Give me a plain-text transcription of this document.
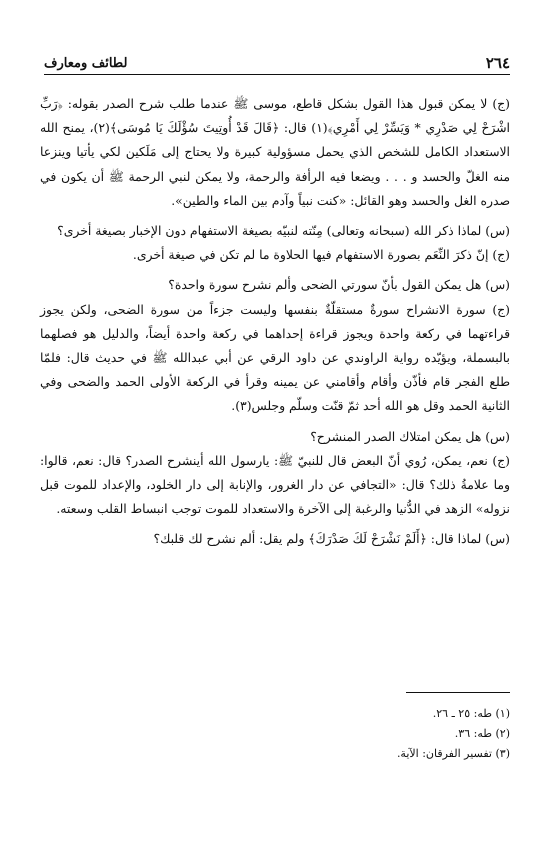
٢٦٤
لطائف ومعارف

(ج) لا يمكن قبول هذا القول بشكل قاطع، موسى ﷺ عندما طلب شرح الصدر بقوله: ﴿رَبِّ اشْرَحْ لِي صَدْرِي * وَيَسِّرْ لِي أَمْرِي﴾(١) قال: ﴿قَالَ قَدْ أُوتِيتَ سُؤْلَكَ يَا مُوسَى﴾(٢)، يمنح الله الاستعداد الكامل للشخص الذي يحمل مسؤولية كبيرة ولا يحتاج إلى مَلَكين لكي يأتيا وينزعا منه الغلّ والحسد و . . . ويضعا فيه الرأفة والرحمة، ولا يمكن لنبي الرحمة ﷺ أن يكون في صدره الغل والحسد وهو القائل: «كنت نبياً وآدم بين الماء والطين».

(س) لماذا ذكر الله (سبحانه وتعالى) مِنّته لنبيّه بصيغة الاستفهام دون الإخبار بصيغة أخرى؟

(ج) إنّ ذكرَ النِّعَم بصورة الاستفهام فيها الحلاوة ما لم تكن في صيغة أخرى.

(س) هل يمكن القول بأنّ سورتي الضحى وألم نشرح سورة واحدة؟

(ج) سورة الانشراح سورةٌ مستقلّةٌ بنفسها وليست جزءاً من سورة الضحى، ولكن يجوز قراءتهما في ركعة واحدة ويجوز قراءة إحداهما في ركعة واحدة أيضاً، والدليل هو فصلهما بالبسملة، ويؤيّده رواية الراوندي عن داود الرقي عن أبي عبدالله ﷺ في حديث قال: فلمّا طلع الفجر قام فأذّن وأقام وأقامني عن يمينه وقرأ في الركعة الأولى الحمد والضحى وفي الثانية الحمد وقل هو الله أحد ثمّ قنّت وسلّم وجلس(٣).

(س) هل يمكن امتلاك الصدر المنشرح؟

(ج) نعم، يمكن، رُوي أنّ البعض قال للنبيّ ﷺ: يارسول الله أينشرح الصدر؟ قال: نعم، قالوا: وما علامةُ ذلك؟ قال: «التجافي عن دار الغرور، والإنابة إلى دار الخلود، والإعداد للموت قبل نزوله» الزهد في الدُّنيا والرغبة إلى الآخرة والاستعداد للموت توجب انبساط القلب وسعته.

(س) لماذا قال: ﴿أَلَمْ نَشْرَحْ لَكَ صَدْرَكَ﴾ ولم يقل: ألم نشرح لك قلبك؟

(١) طه: ٢٥ ـ ٢٦.

(٢) طه: ٣٦.

(٣) تفسير الفرقان: الآية.
